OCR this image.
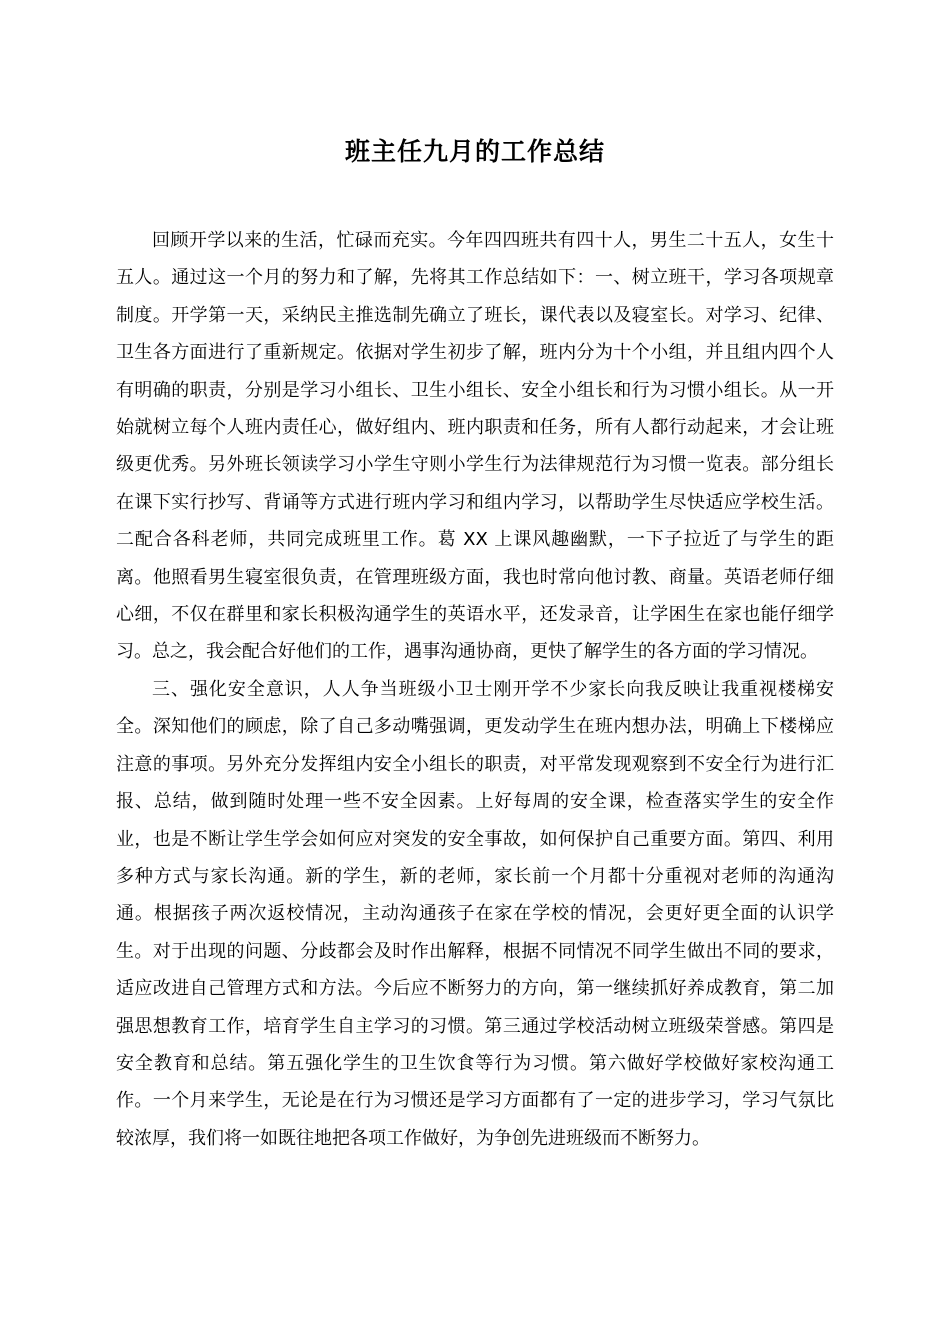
班主任九月的工作总结

回顾开学以来的生活，忙碌而充实。今年四四班共有四十人，男生二十五人，女生十五人。通过这一个月的努力和了解，先将其工作总结如下：一、树立班干，学习各项规章制度。开学第一天，采纳民主推选制先确立了班长，课代表以及寝室长。对学习、纪律、卫生各方面进行了重新规定。依据对学生初步了解，班内分为十个小组，并且组内四个人有明确的职责，分别是学习小组长、卫生小组长、安全小组长和行为习惯小组长。从一开始就树立每个人班内责任心，做好组内、班内职责和任务，所有人都行动起来，才会让班级更优秀。另外班长领读学习小学生守则小学生行为法律规范行为习惯一览表。部分组长在课下实行抄写、背诵等方式进行班内学习和组内学习，以帮助学生尽快适应学校生活。二配合各科老师，共同完成班里工作。葛 XX 上课风趣幽默，一下子拉近了与学生的距离。他照看男生寝室很负责，在管理班级方面，我也时常向他讨教、商量。英语老师仔细心细，不仅在群里和家长积极沟通学生的英语水平，还发录音，让学困生在家也能仔细学习。总之，我会配合好他们的工作，遇事沟通协商，更快了解学生的各方面的学习情况。

三、强化安全意识，人人争当班级小卫士刚开学不少家长向我反映让我重视楼梯安全。深知他们的顾虑，除了自己多动嘴强调，更发动学生在班内想办法，明确上下楼梯应注意的事项。另外充分发挥组内安全小组长的职责，对平常发现观察到不安全行为进行汇报、总结，做到随时处理一些不安全因素。上好每周的安全课，检查落实学生的安全作业，也是不断让学生学会如何应对突发的安全事故，如何保护自己重要方面。第四、利用多种方式与家长沟通。新的学生，新的老师，家长前一个月都十分重视对老师的沟通沟通。根据孩子两次返校情况，主动沟通孩子在家在学校的情况，会更好更全面的认识学生。对于出现的问题、分歧都会及时作出解释，根据不同情况不同学生做出不同的要求，适应改进自己管理方式和方法。今后应不断努力的方向，第一继续抓好养成教育，第二加强思想教育工作，培育学生自主学习的习惯。第三通过学校活动树立班级荣誉感。第四是安全教育和总结。第五强化学生的卫生饮食等行为习惯。第六做好学校做好家校沟通工作。一个月来学生，无论是在行为习惯还是学习方面都有了一定的进步学习，学习气氛比较浓厚，我们将一如既往地把各项工作做好，为争创先进班级而不断努力。
